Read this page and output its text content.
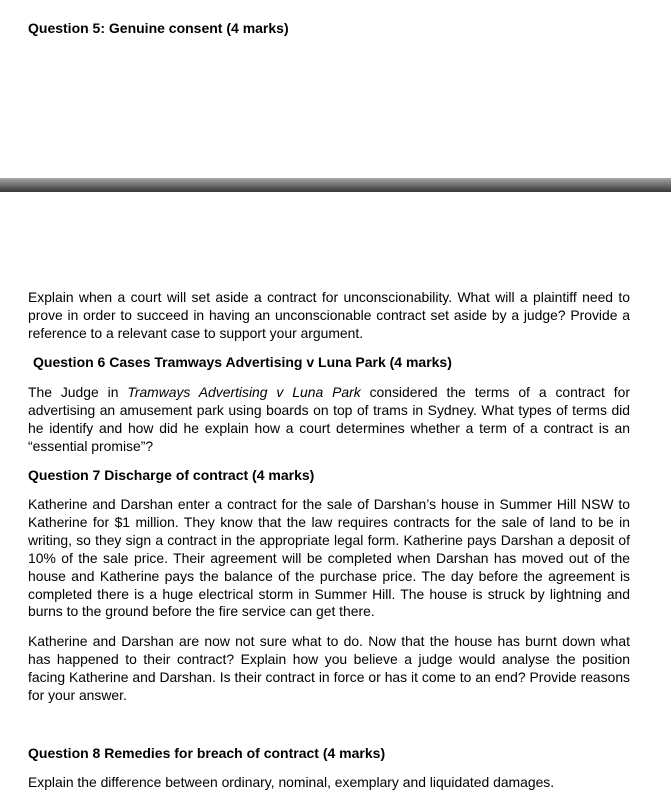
Question 5: Genuine consent (4 marks)

Explain when a court will set aside a contract for unconscionability. What will a plaintiff need to prove in order to succeed in having an unconscionable contract set aside by a judge? Provide a reference to a relevant case to support your argument.

Question 6 Cases Tramways Advertising v Luna Park (4 marks)

The Judge in Tramways Advertising v Luna Park considered the terms of a contract for advertising an amusement park using boards on top of trams in Sydney. What types of terms did he identify and how did he explain how a court determines whether a term of a contract is an “essential promise”?

Question 7 Discharge of contract (4 marks)

Katherine and Darshan enter a contract for the sale of Darshan’s house in Summer Hill NSW to Katherine for $1 million. They know that the law requires contracts for the sale of land to be in writing, so they sign a contract in the appropriate legal form. Katherine pays Darshan a deposit of 10% of the sale price. Their agreement will be completed when Darshan has moved out of the house and Katherine pays the balance of the purchase price. The day before the agreement is completed there is a huge electrical storm in Summer Hill. The house is struck by lightning and burns to the ground before the fire service can get there.

Katherine and Darshan are now not sure what to do. Now that the house has burnt down what has happened to their contract? Explain how you believe a judge would analyse the position facing Katherine and Darshan. Is their contract in force or has it come to an end? Provide reasons for your answer.

Question 8 Remedies for breach of contract (4 marks)

Explain the difference between ordinary, nominal, exemplary and liquidated damages.
